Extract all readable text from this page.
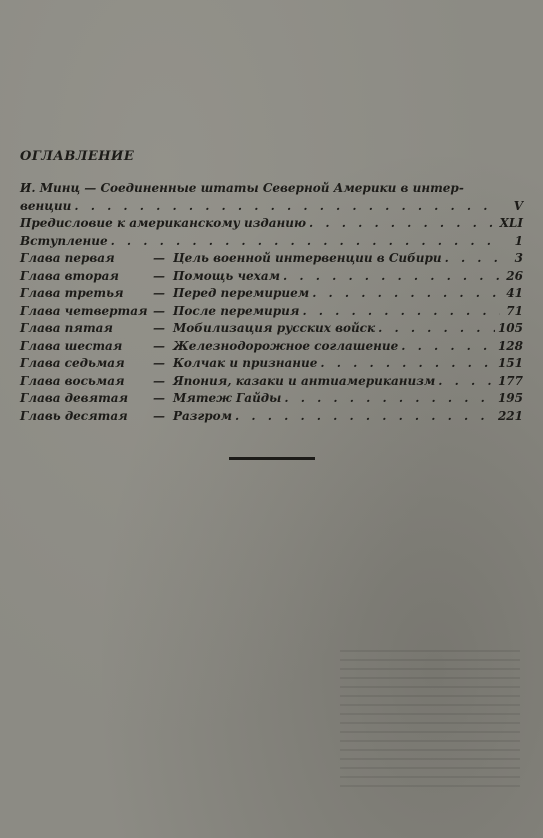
ОГЛАВЛЕНИЕ
И. Минц — Соединенные штаты Северной Америки в интер-
венции . . .	V
Предисловие к американскому изданию . . .	XLI
Вступление . . .	1
Глава первая	— Цель военной интервенции в Сибири . . .	3
Глава вторая	— Помощь чехам . . .	26
Глава третья	— Перед перемирием . . .	41
Глава четвертая — После перемирия . . .	71
Глава пятая	— Мобилизация русских войск . . .	105
Глава шестая	— Железнодорожное соглашение . . .	128
Глава седьмая	— Колчак и признание . . .	151
Глава восьмая	— Япония, казаки и антиамериканизм . . .	177
Глава девятая	— Мятеж Гайды . . .	195
Главь десятая	— Разгром . . .	221
